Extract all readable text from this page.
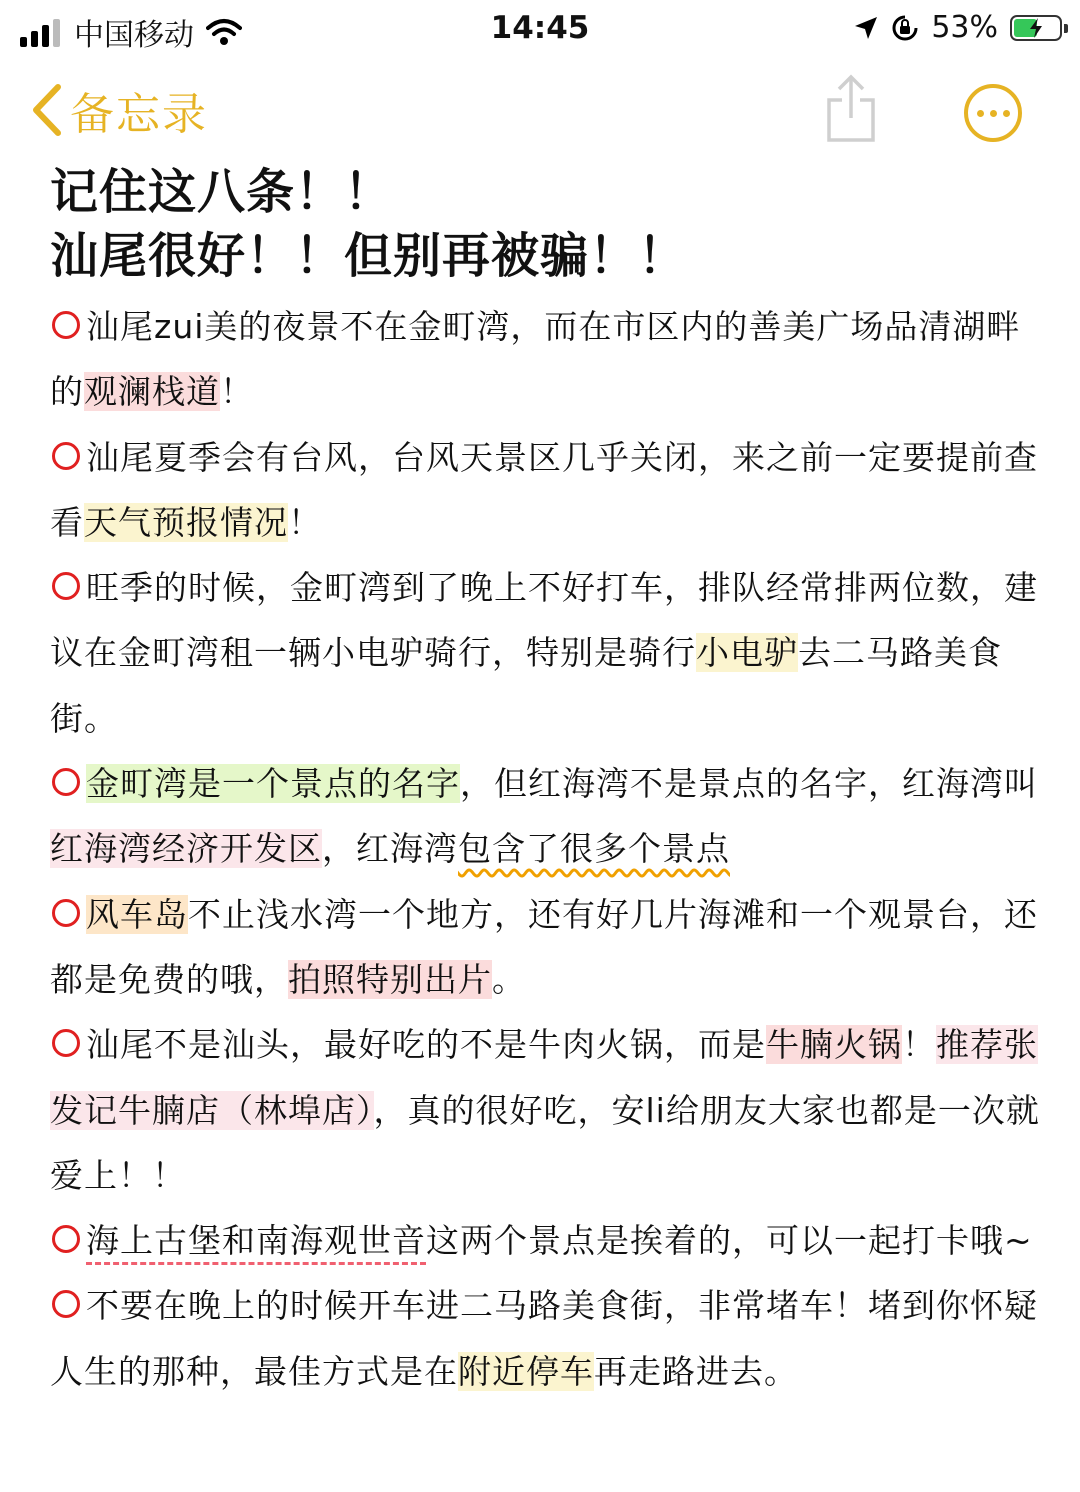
中国移动	14:45	53%
备忘录
记住这八条！！
汕尾很好！！但别再被骗！！

汕尾zui美的夜景不在金町湾，而在市区内的善美广场品清湖畔的观澜栈道！

汕尾夏季会有台风，台风天景区几乎关闭，来之前一定要提前查看天气预报情况！

旺季的时候，金町湾到了晚上不好打车，排队经常排两位数，建议在金町湾租一辆小电驴骑行，特别是骑行小电驴去二马路美食街。

金町湾是一个景点的名字，但红海湾不是景点的名字，红海湾叫红海湾经济开发区，红海湾包含了很多个景点

风车岛不止浅水湾一个地方，还有好几片海滩和一个观景台，还都是免费的哦，拍照特别出片。

汕尾不是汕头，最好吃的不是牛肉火锅，而是牛腩火锅！推荐张发记牛腩店（林埠店），真的很好吃，安li给朋友大家也都是一次就爱上！！

海上古堡和南海观世音这两个景点是挨着的，可以一起打卡哦~

不要在晚上的时候开车进二马路美食街，非常堵车！堵到你怀疑人生的那种，最佳方式是在附近停车再走路进去。
